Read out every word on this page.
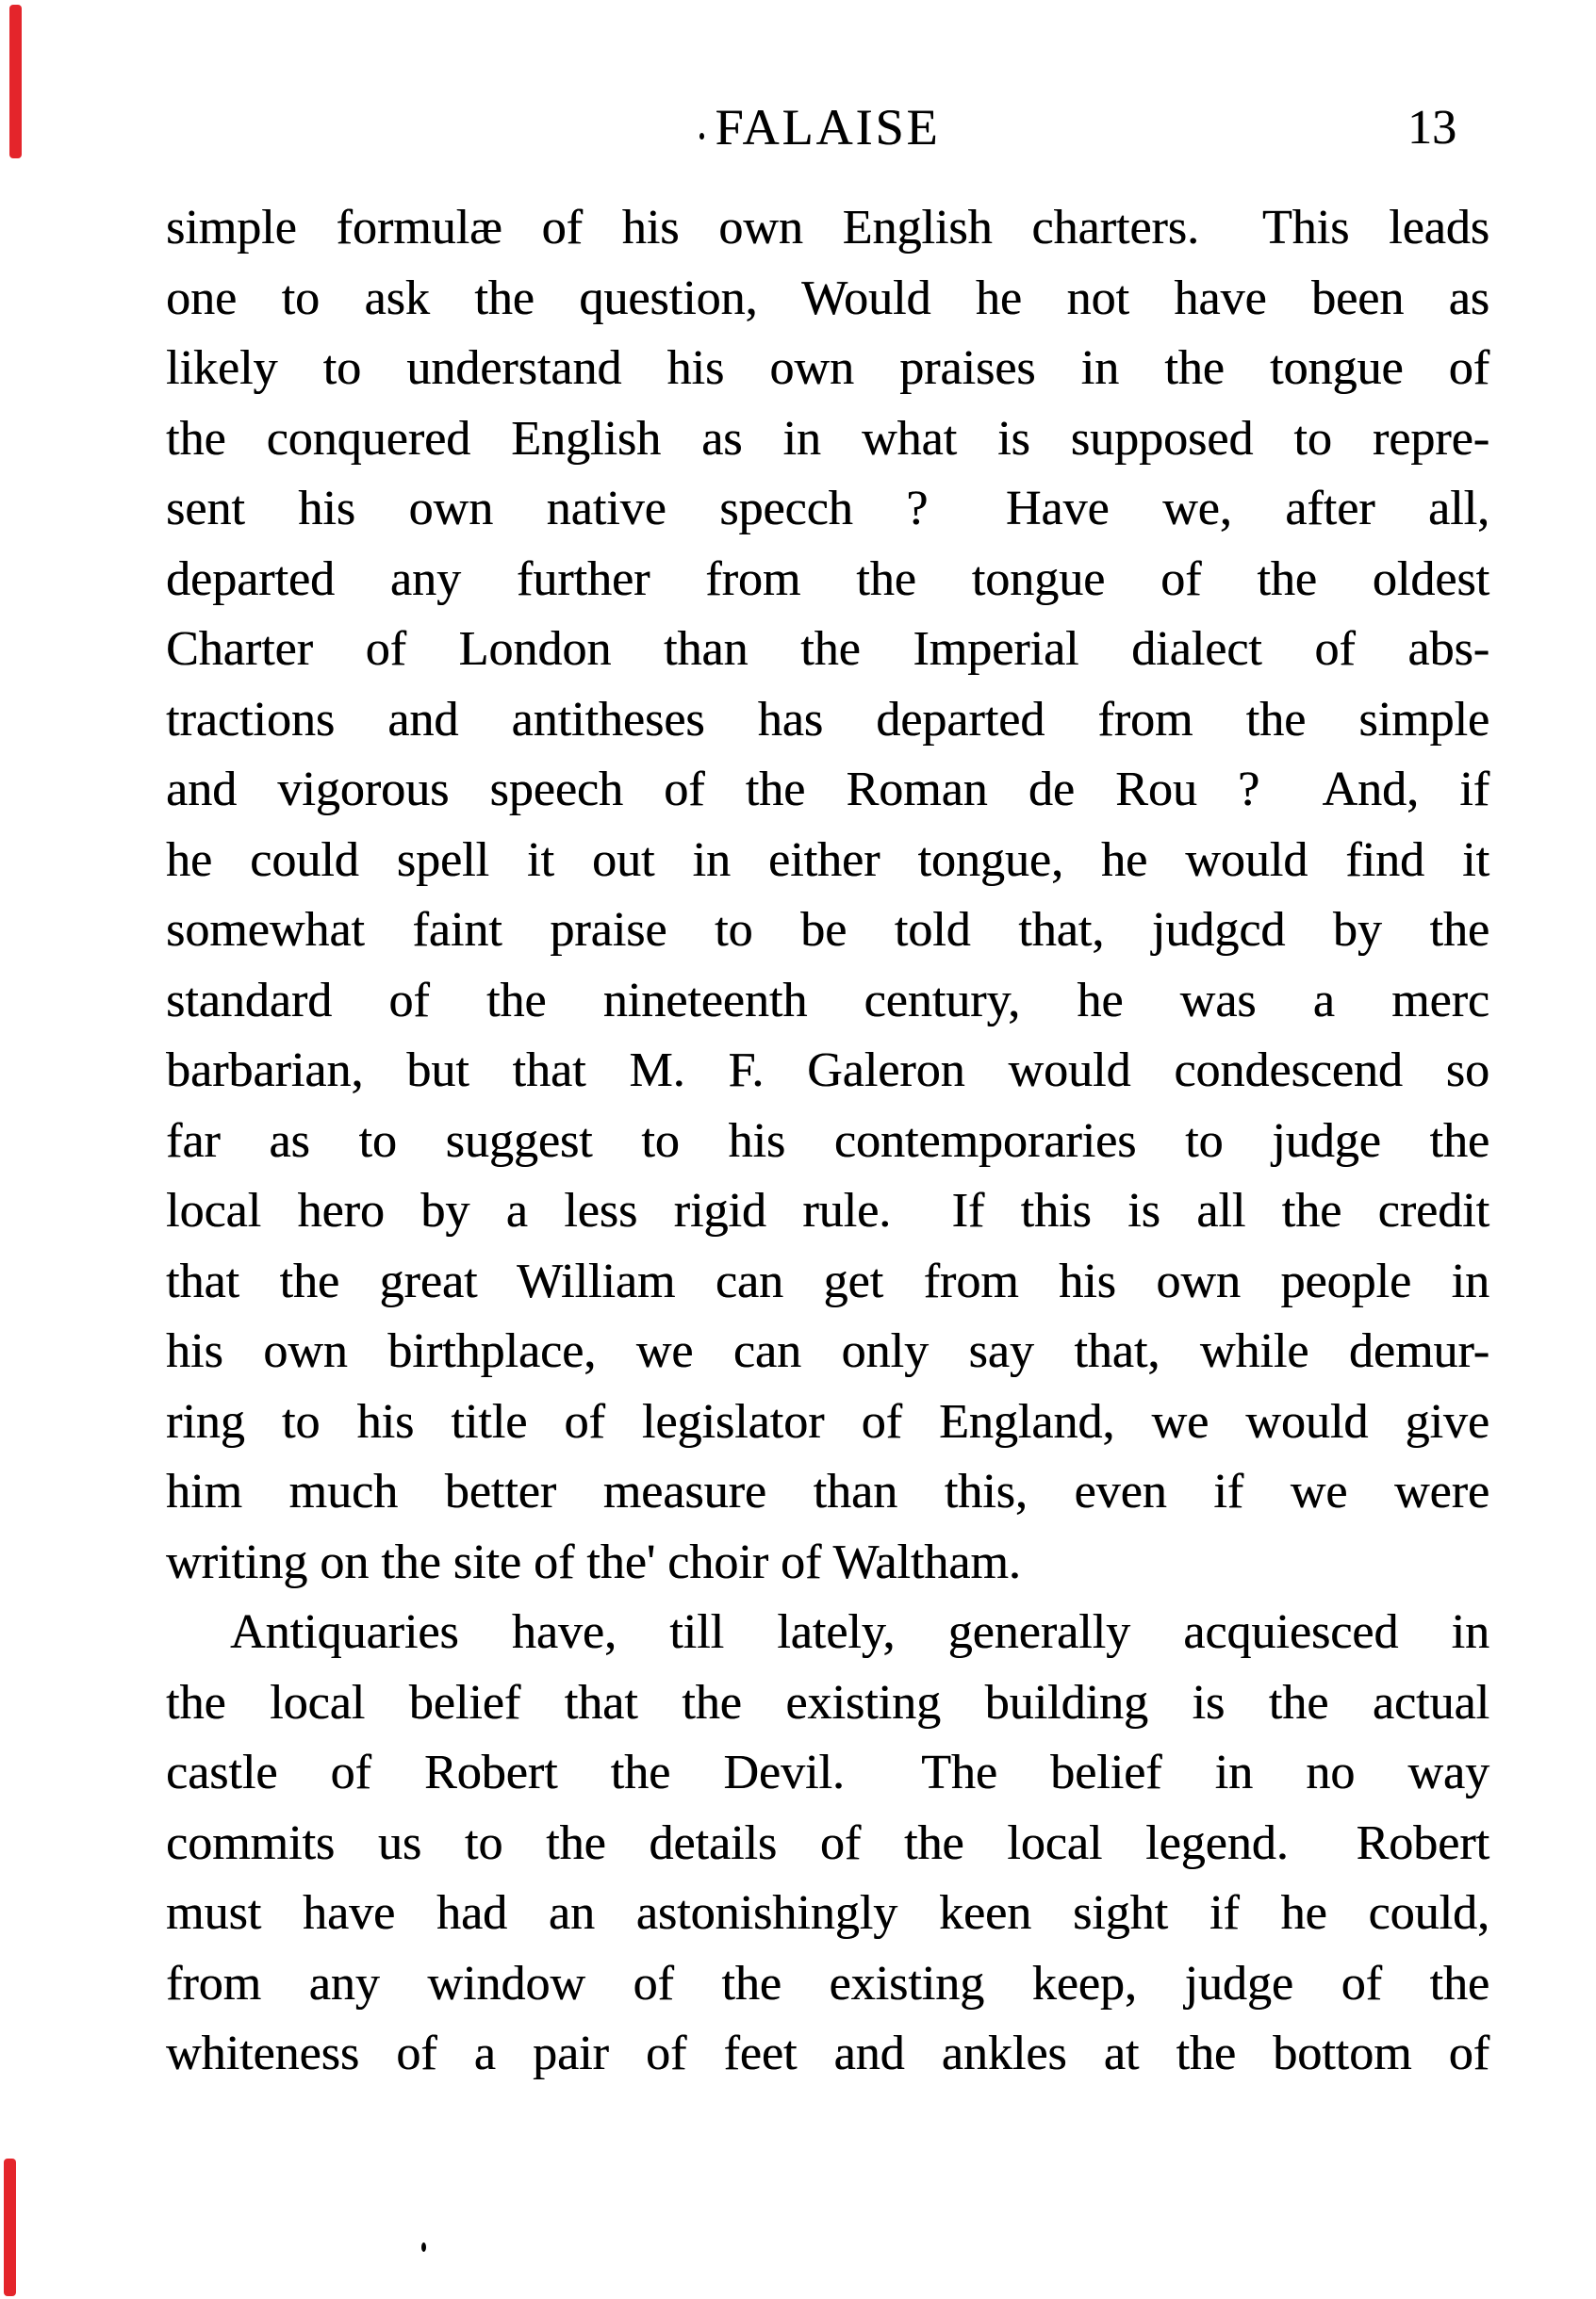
FALAISE	13
simple formulæ of his own English charters.  This leads
one to ask the question, Would he not have been as
likely to understand his own praises in the tongue of
the conquered English as in what is supposed to repre-
sent his own native specch ?  Have we, after all,
departed any further from the tongue of the oldest
Charter of London than the Imperial dialect of abs-
tractions and antitheses has departed from the simple
and vigorous speech of the Roman de Rou ?  And, if
he could spell it out in either tongue, he would find it
somewhat faint praise to be told that, judgcd by the
standard of the nineteenth century, he was a merc
barbarian, but that M. F. Galeron would condescend so
far as to suggest to his contemporaries to judge the
local hero by a less rigid rule.  If this is all the credit
that the great William can get from his own people in
his own birthplace, we can only say that, while demur-
ring to his title of legislator of England, we would give
him much better measure than this, even if we were
writing on the site of the' choir of Waltham.
Antiquaries have, till lately, generally acquiesced in
the local belief that the existing building is the actual
castle of Robert the Devil.  The belief in no way
commits us to the details of the local legend.  Robert
must have had an astonishingly keen sight if he could,
from any window of the existing keep, judge of the
whiteness of a pair of feet and ankles at the bottom of
